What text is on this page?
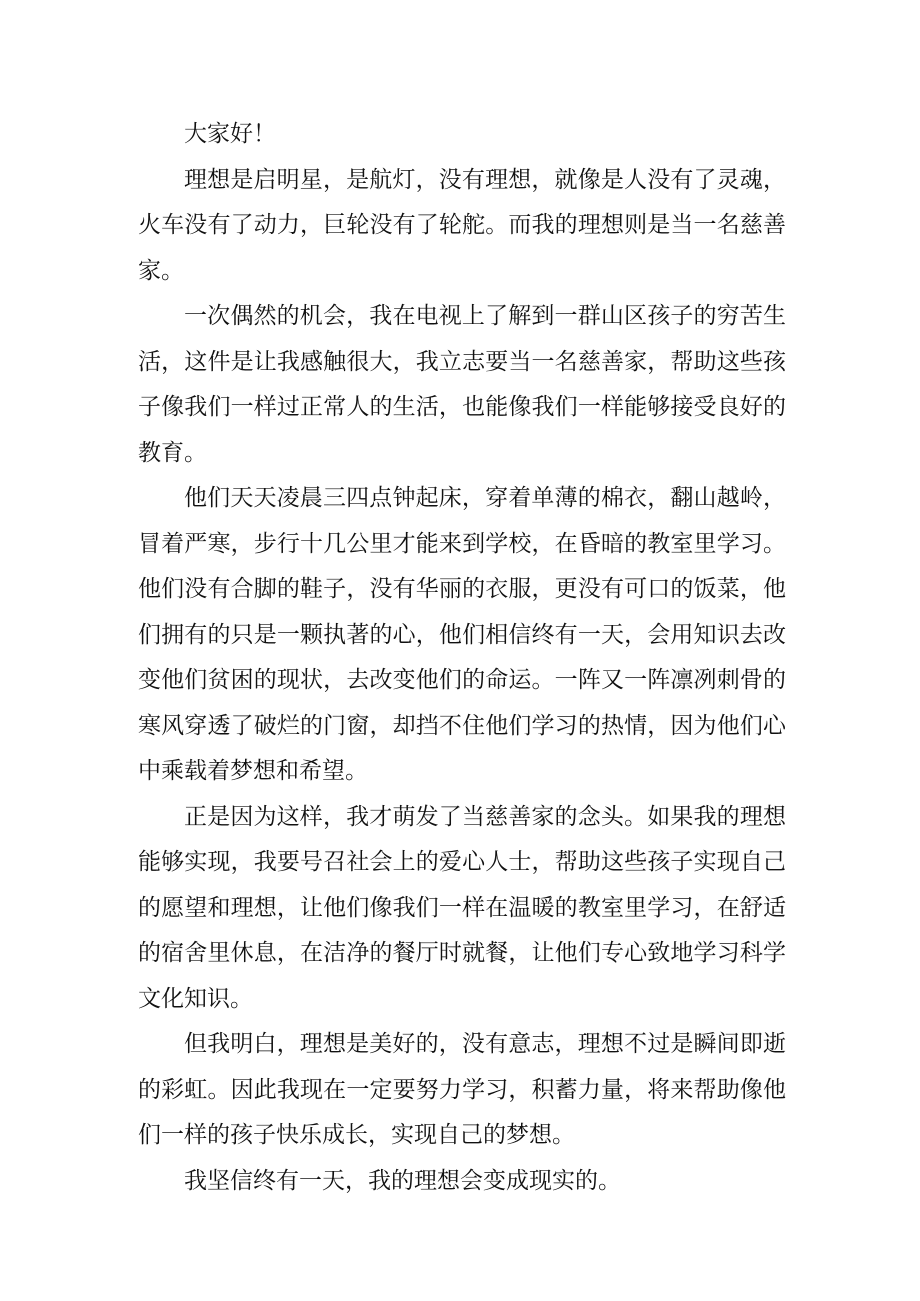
大家好！

理想是启明星，是航灯，没有理想，就像是人没有了灵魂，火车没有了动力，巨轮没有了轮舵。而我的理想则是当一名慈善家。

一次偶然的机会，我在电视上了解到一群山区孩子的穷苦生活，这件是让我感触很大，我立志要当一名慈善家，帮助这些孩子像我们一样过正常人的生活，也能像我们一样能够接受良好的教育。

他们天天凌晨三四点钟起床，穿着单薄的棉衣，翻山越岭，冒着严寒，步行十几公里才能来到学校，在昏暗的教室里学习。他们没有合脚的鞋子，没有华丽的衣服，更没有可口的饭菜，他们拥有的只是一颗执著的心，他们相信终有一天，会用知识去改变他们贫困的现状，去改变他们的命运。一阵又一阵凛冽刺骨的寒风穿透了破烂的门窗，却挡不住他们学习的热情，因为他们心中乘载着梦想和希望。

正是因为这样，我才萌发了当慈善家的念头。如果我的理想能够实现，我要号召社会上的爱心人士，帮助这些孩子实现自己的愿望和理想，让他们像我们一样在温暖的教室里学习，在舒适的宿舍里休息，在洁净的餐厅时就餐，让他们专心致地学习科学文化知识。

但我明白，理想是美好的，没有意志，理想不过是瞬间即逝的彩虹。因此我现在一定要努力学习，积蓄力量，将来帮助像他们一样的孩子快乐成长，实现自己的梦想。

我坚信终有一天，我的理想会变成现实的。
